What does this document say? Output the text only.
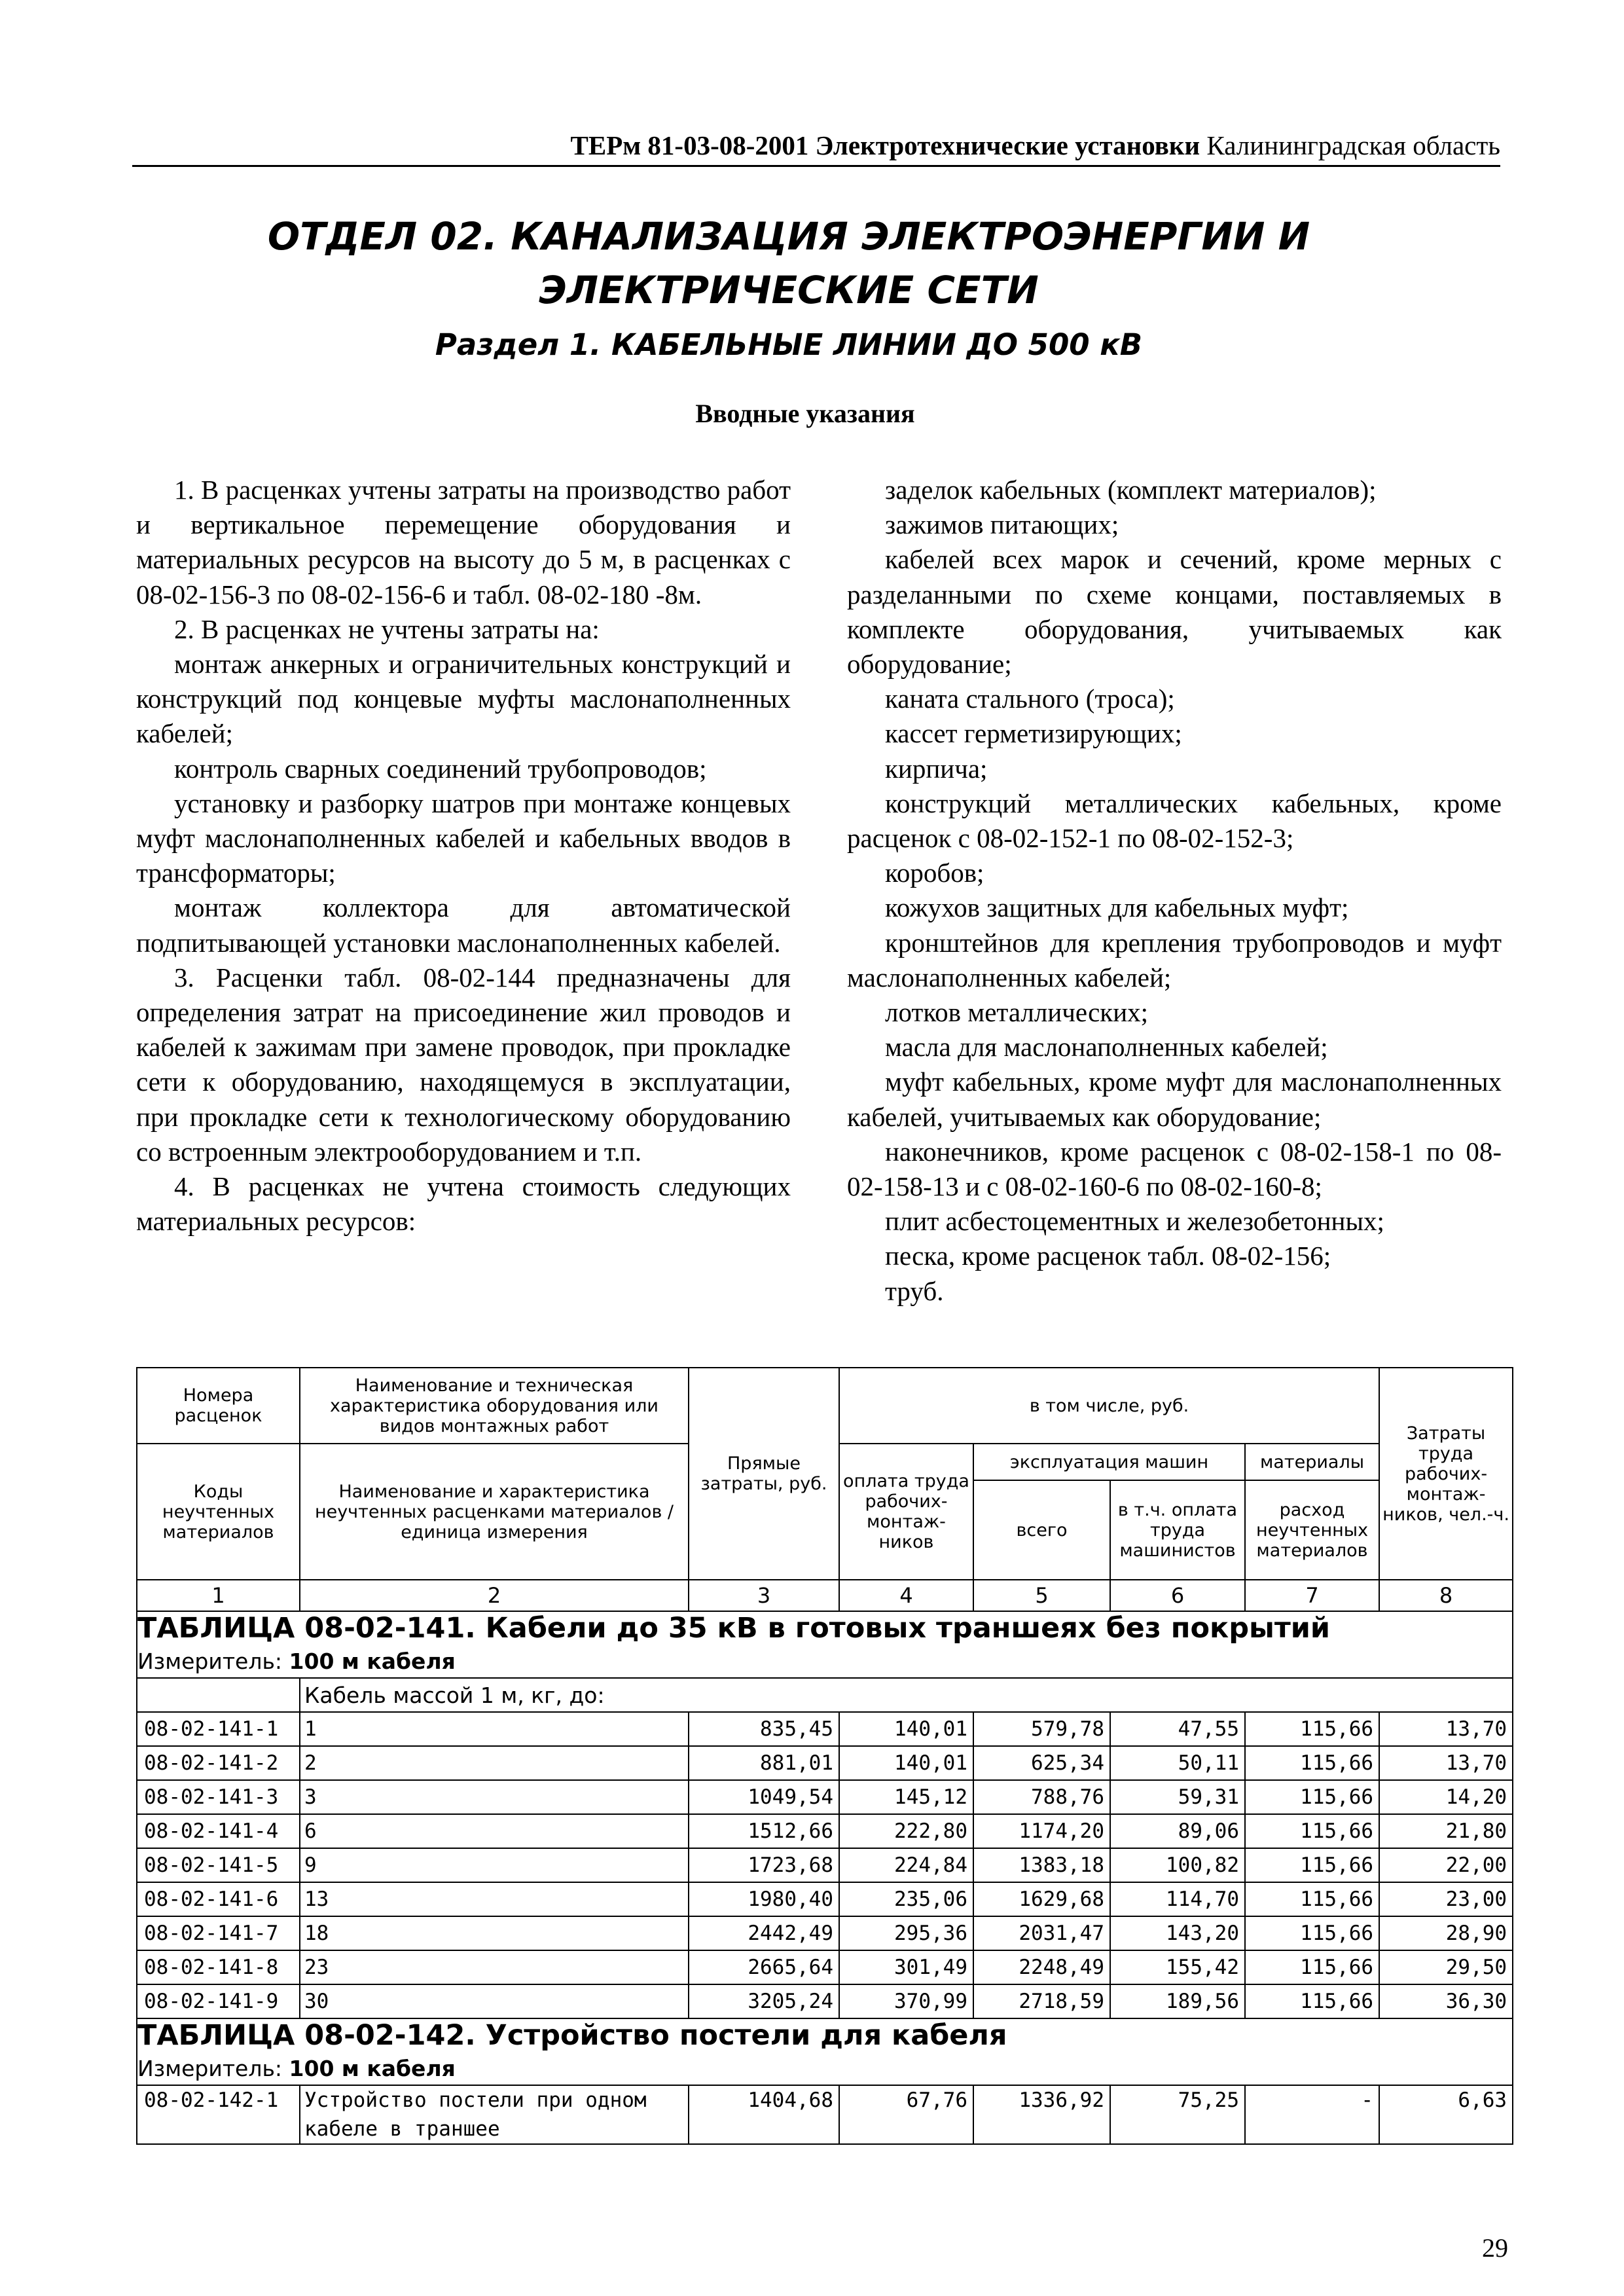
ТЕРм 81-03-08-2001 Электротехнические установки Калининградская область
ОТДЕЛ 02. КАНАЛИЗАЦИЯ ЭЛЕКТРОЭНЕРГИИ И ЭЛЕКТРИЧЕСКИЕ СЕТИ
Раздел 1. КАБЕЛЬНЫЕ ЛИНИИ ДО 500 кВ
Вводные указания

1. В расценках учтены затраты на производство работ и вертикальное перемещение оборудования и материальных ресурсов на высоту до 5 м, в расценках с 08-02-156-3 по 08-02-156-6 и табл. 08-02-180 -8м.

2. В расценках не учтены затраты на:

монтаж анкерных и ограничительных конструкций и конструкций под концевые муфты маслонаполненных кабелей;

контроль сварных соединений трубопроводов;

установку и разборку шатров при монтаже концевых муфт маслонаполненных кабелей и кабельных вводов в трансформаторы;

монтаж коллектора для автоматической подпитывающей установки маслонаполненных кабелей.

3. Расценки табл. 08-02-144 предназначены для определения затрат на присоединение жил проводов и кабелей к зажимам при замене проводок, при прокладке сети к оборудованию, находящемуся в эксплуатации, при прокладке сети к технологическому оборудованию со встроенным электрооборудованием и т.п.

4. В расценках не учтена стоимость следующих материальных ресурсов:

заделок кабельных (комплект материалов);

зажимов питающих;

кабелей всех марок и сечений, кроме мерных с разделанными по схеме концами, поставляемых в комплекте оборудования, учитываемых как оборудование;

каната стального (троса);

кассет герметизирующих;

кирпича;

конструкций металлических кабельных, кроме расценок с 08-02-152-1 по 08-02-152-3;

коробов;

кожухов защитных для кабельных муфт;

кронштейнов для крепления трубопроводов и муфт маслонаполненных кабелей;

лотков металлических;

масла для маслонаполненных кабелей;

муфт кабельных, кроме муфт для маслонаполненных кабелей, учитываемых как оборудование;

наконечников, кроме расценок с 08-02-158-1 по 08-02-158-13 и с 08-02-160-6 по 08-02-160-8;

плит асбестоцементных и железобетонных;

песка, кроме расценок табл. 08-02-156;

труб.

Номера расценок	Наименование и техническая характеристика оборудования или видов монтажных работ	Прямые затраты, руб.	в том числе, руб.				Затраты труда рабочих-монтаж-ников, чел.-ч.
Коды неучтенных материалов	Наименование и характеристика неучтенных расценками материалов / единица измерения		оплата труда рабочих-монтаж-ников	эксплуатация машин		материалы	
				всего	в т.ч. оплата труда машинистов	расход неучтенных материалов	
1	2	3	4	5	6	7	8
ТАБЛИЦА 08-02-141. Кабели до 35 кВ в готовых траншеях без покрытий							
Измеритель: 100 м кабеля							
	Кабель массой 1 м, кг, до:						
08-02-141-1	1	835,45	140,01	579,78	47,55	115,66	13,70
08-02-141-2	2	881,01	140,01	625,34	50,11	115,66	13,70
08-02-141-3	3	1049,54	145,12	788,76	59,31	115,66	14,20
08-02-141-4	6	1512,66	222,80	1174,20	89,06	115,66	21,80
08-02-141-5	9	1723,68	224,84	1383,18	100,82	115,66	22,00
08-02-141-6	13	1980,40	235,06	1629,68	114,70	115,66	23,00
08-02-141-7	18	2442,49	295,36	2031,47	143,20	115,66	28,90
08-02-141-8	23	2665,64	301,49	2248,49	155,42	115,66	29,50
08-02-141-9	30	3205,24	370,99	2718,59	189,56	115,66	36,30
ТАБЛИЦА 08-02-142. Устройство постели для кабеля							
Измеритель: 100 м кабеля							
08-02-142-1	Устройство постели при одном кабеле в траншее	1404,68	67,76	1336,92	75,25	-	6,63
29
